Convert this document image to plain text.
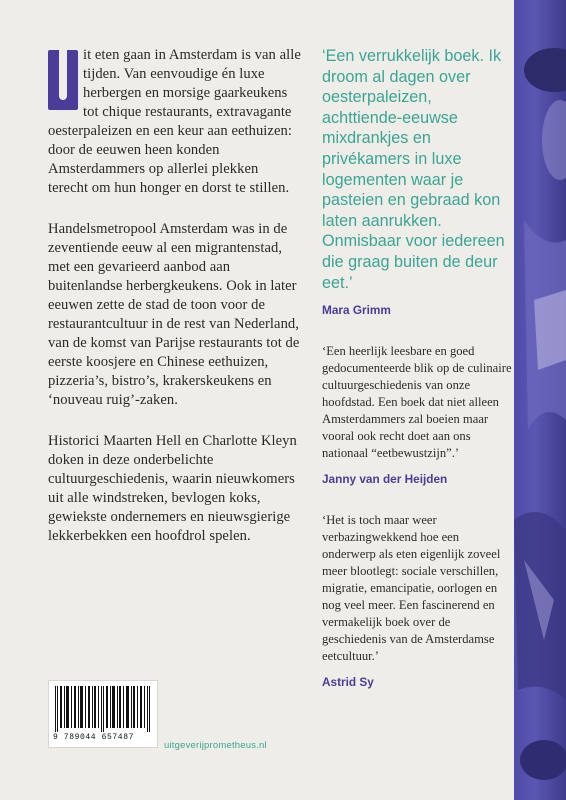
it eten gaan in Amsterdam is van alle tijden. Van eenvoudige én luxe herbergen en morsige gaarkeukens tot chique restaurants, extravagante oesterpaleizen en een keur aan eethuizen: door de eeuwen heen konden Amsterdammers op allerlei plekken terecht om hun honger en dorst te stillen.

Handelsmetropool Amsterdam was in de zeventiende eeuw al een migrantenstad, met een gevarieerd aanbod aan buitenlandse herbergkeukens. Ook in later eeuwen zette de stad de toon voor de restaurantcultuur in de rest van Nederland, van de komst van Parijse restaurants tot de eerste koosjere en Chinese eethuizen, pizzeria’s, bistro’s, krakerskeukens en ‘nouveau ruig’-zaken.

Historici Maarten Hell en Charlotte Kleyn doken in deze onderbelichte cultuurgeschiedenis, waarin nieuwkomers uit alle windstreken, bevlogen koks, gewiekste ondernemers en nieuwsgierige lekkerbekken een hoofdrol spelen.

‘Een verrukkelijk boek. Ik droom al dagen over oesterpaleizen, achttiende-eeuwse mixdrankjes en privékamers in luxe logementen waar je pasteien en gebraad kon laten aanrukken. Onmisbaar voor iedereen die graag buiten de deur eet.’

Mara Grimm

‘Een heerlijk leesbare en goed gedocumenteerde blik op de culinaire cultuurgeschiedenis van onze hoofdstad. Een boek dat niet alleen Amsterdammers zal boeien maar vooral ook recht doet aan ons nationaal “eetbewustzijn”.’

Janny van der Heijden

‘Het is toch maar weer verbazingwekkend hoe een onderwerp als eten eigenlijk zoveel meer blootlegt: sociale verschillen, migratie, emancipatie, oorlogen en nog veel meer. Een fascinerend en vermakelijk boek over de geschiedenis van de Amsterdamse eetcultuur.’

Astrid Sy

9 789044 657487
uitgeverijprometheus.nl
